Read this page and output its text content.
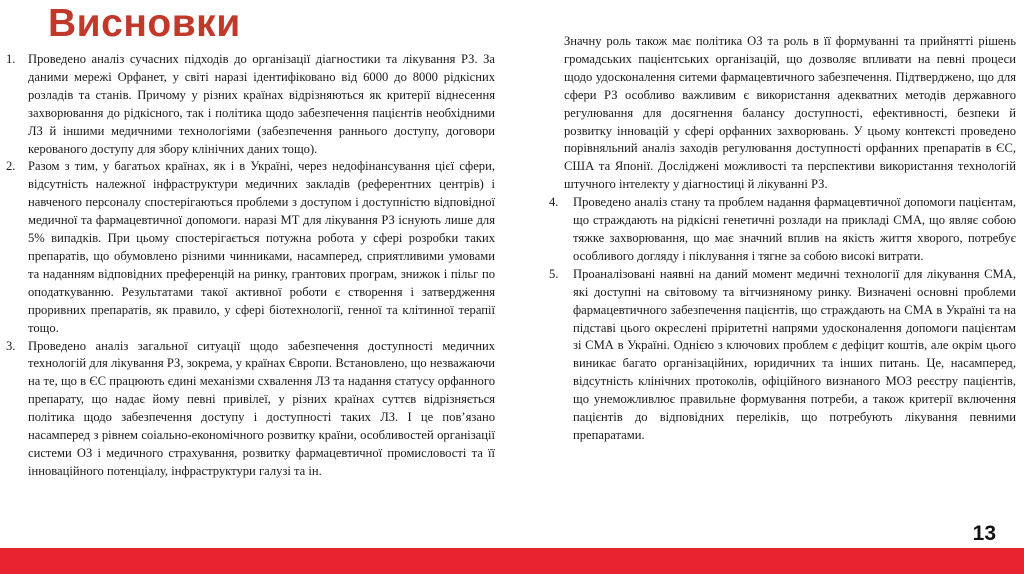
Висновки
1. Проведено аналіз сучасних підходів до організації діагностики та лікування РЗ. За даними мережі Орфанет, у світі наразі ідентифіковано від 6000 до 8000 рідкісних розладів та станів. Причому у різних країнах відрізняються як критерії віднесення захворювання до рідкісного, так і політика щодо забезпечення пацієнтів необхідними ЛЗ й іншими медичними технологіями (забезпечення раннього доступу, договори керованого доступу для збору клінічних даних тощо).
2. Разом з тим, у багатьох країнах, як і в Україні, через недофінансування цієї сфери, відсутність належної інфраструктури медичних закладів (референтних центрів) і навченого персоналу спостерігаються проблеми з доступом і доступністю відповідної медичної та фармацевтичної допомоги. наразі МТ для лікування РЗ існують лише для 5% випадків. При цьому спостерігається потужна робота у сфері розробки таких препаратів, що обумовлено різними чинниками, насамперед, сприятливими умовами та наданням відповідних преференцій на ринку, грантових програм, знижок і пільг по оподаткуванню. Результатами такої активної роботи є створення і затвердження проривних препаратів, як правило, у сфері біотехнології, генної та клітинної терапії тощо.
3. Проведено аналіз загальної ситуації щодо забезпечення доступності медичних технологій для лікування РЗ, зокрема, у країнах Європи. Встановлено, що незважаючи на те, що в ЄС працюють єдині механізми схвалення ЛЗ та надання статусу орфанного препарату, що надає йому певні привілеї, у різних країнах суттєв відрізняється політика щодо забезпечення доступу і доступності таких ЛЗ. І це пов’язано насамперед з рівнем соіально-економічного розвитку країни, особливостей організації системи ОЗ і медичного страхування, розвитку фармацевтичної промисловості та її інноваційного потенціалу, інфраструктури галузі та ін.

Значну роль також має політика ОЗ та роль в її формуванні та прийнятті рішень громадських пацієнтських організацій, що дозволяє впливати на певні процеси щодо удосконалення ситеми фармацевтичного забезпечення. Підтверджено, що для сфери РЗ особливо важливим є використання адекватних методів державного регулювання для досягнення балансу доступності, ефективності, безпеки й розвитку інновацій у сфері орфанних захворювань. У цьому контексті проведено порівняльний аналіз заходів регулювання доступності орфанних препаратів в ЄС, США та Японії. Досліджені можливості та перспективи використання технологій штучного інтелекту у діагностиці й лікуванні РЗ.

4.	Проведено аналіз стану та проблем надання фармацевтичної допомоги пацієнтам, що страждають на рідкісні генетичні розлади на прикладі СМА, що являє собою тяжке захворювання, що має значний вплив на якість життя хворого, потребує особливого догляду і піклування і тягне за собою високі витрати.
5.	Проаналізовані наявні на даний момент медичні технології для лікування СМА, які доступні на світовому та вітчизняному ринку. Визначені основні проблеми фармацевтичного забезпечення пацієнтів, що страждають на СМА в Україні та на підставі цього окреслені пріритетні напрями удосконалення допомоги пацієнтам зі СМА в Україні. Однією з ключових проблем є дефіцит коштів, але окрім цього виникає багато організаційних, юридичних та інших питань. Це, насамперед, відсутність клінічних протоколів, офіційного визнаного МОЗ реєстру пацієнтів, що унеможливлює правильне формування потреби, а також критерії включення пацієнтів до відповідних переліків, що потребують лікування певними препаратами.
13
